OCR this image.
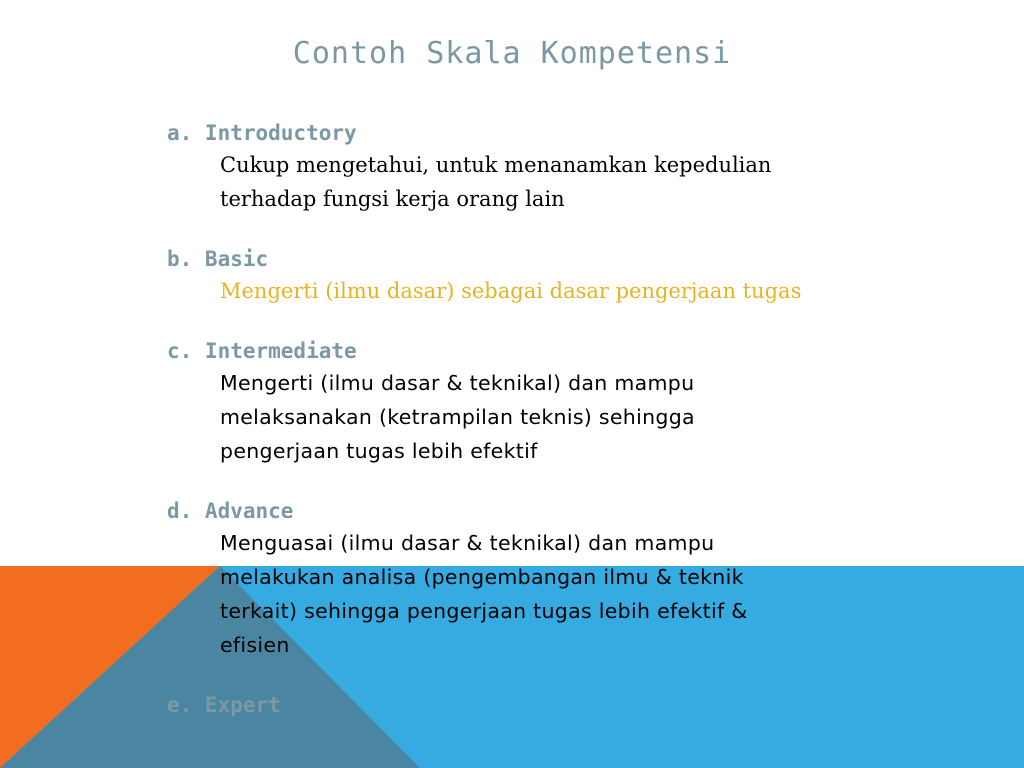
Contoh Skala Kompetensi
a. Introductory
Cukup mengetahui, untuk menanamkan kepedulian
terhadap fungsi kerja orang lain
b. Basic
Mengerti (ilmu dasar) sebagai dasar pengerjaan tugas
c. Intermediate
Mengerti (ilmu dasar & teknikal) dan mampu
melaksanakan (ketrampilan teknis) sehingga
pengerjaan tugas lebih efektif
d. Advance
Menguasai (ilmu dasar & teknikal) dan mampu
melakukan analisa (pengembangan ilmu & teknik
terkait) sehingga pengerjaan tugas lebih efektif &
efisien
e. Expert
